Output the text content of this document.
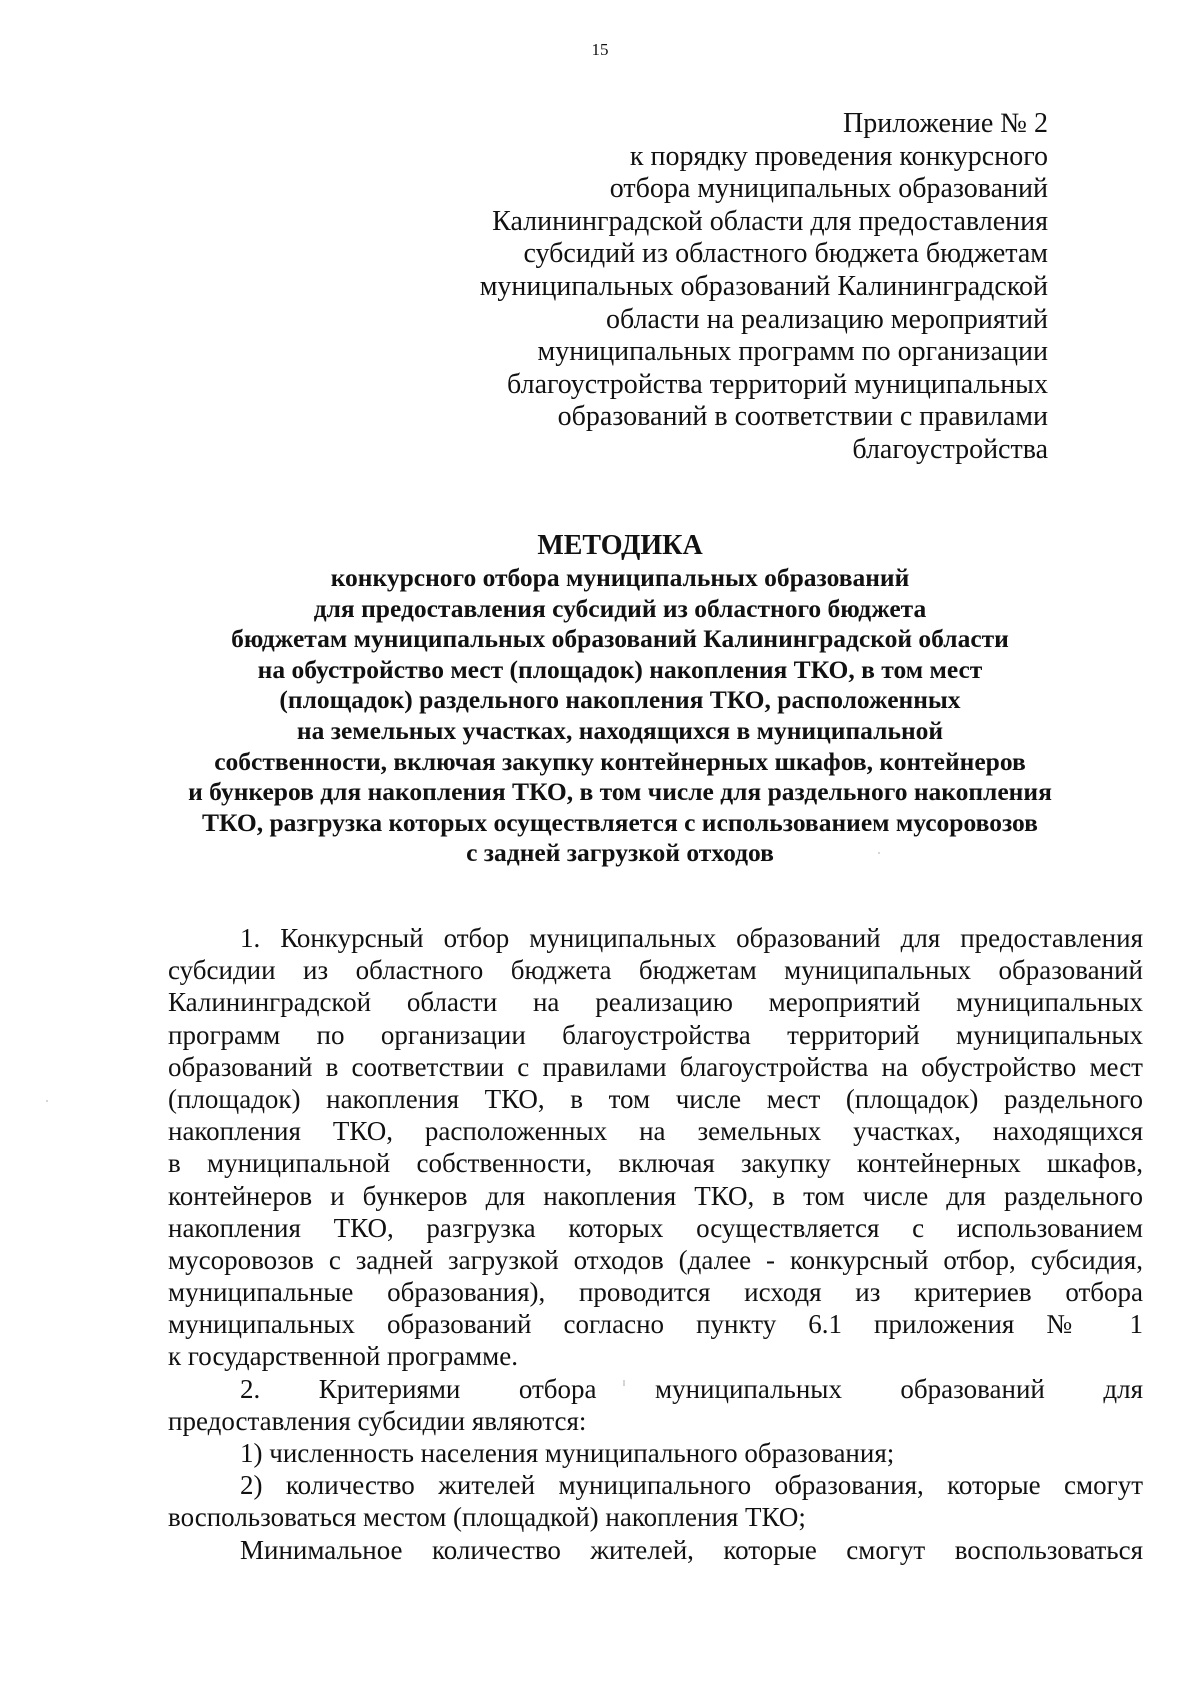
15
Приложение № 2
к порядку проведения конкурсного
отбора муниципальных образований
Калининградской области для предоставления
субсидий из областного бюджета бюджетам
муниципальных образований Калининградской
области на реализацию мероприятий
муниципальных программ по организации
благоустройства территорий муниципальных
образований в соответствии с правилами
благоустройства
МЕТОДИКА
конкурсного отбора муниципальных образований
для предоставления субсидий из областного бюджета
бюджетам муниципальных образований Калининградской области
на обустройство мест (площадок) накопления ТКО, в том мест
(площадок) раздельного накопления ТКО, расположенных
на земельных участках, находящихся в муниципальной
собственности, включая закупку контейнерных шкафов, контейнеров
и бункеров для накопления ТКО, в том числе для раздельного накопления
ТКО, разгрузка которых осуществляется с использованием мусоровозов
с задней загрузкой отходов
1. Конкурсный отбор муниципальных образований для предоставления
субсидии из областного бюджета бюджетам муниципальных образований
Калининградской области на реализацию мероприятий муниципальных
программ по организации благоустройства территорий муниципальных
образований в соответствии с правилами благоустройства на обустройство мест
(площадок) накопления ТКО, в том числе мест (площадок) раздельного
накопления ТКО, расположенных на земельных участках, находящихся
в муниципальной собственности, включая закупку контейнерных шкафов,
контейнеров и бункеров для накопления ТКО, в том числе для раздельного
накопления ТКО, разгрузка которых осуществляется с использованием
мусоровозов с задней загрузкой отходов (далее - конкурсный отбор, субсидия,
муниципальные образования), проводится исходя из критериев отбора
муниципальных образований согласно пункту 6.1 приложения № 1
к государственной программе.
2. Критериями отбора муниципальных образований для
предоставления субсидии являются:
1) численность населения муниципального образования;
2) количество жителей муниципального образования, которые смогут
воспользоваться местом (площадкой) накопления ТКО;
Минимальное количество жителей, которые смогут воспользоваться
